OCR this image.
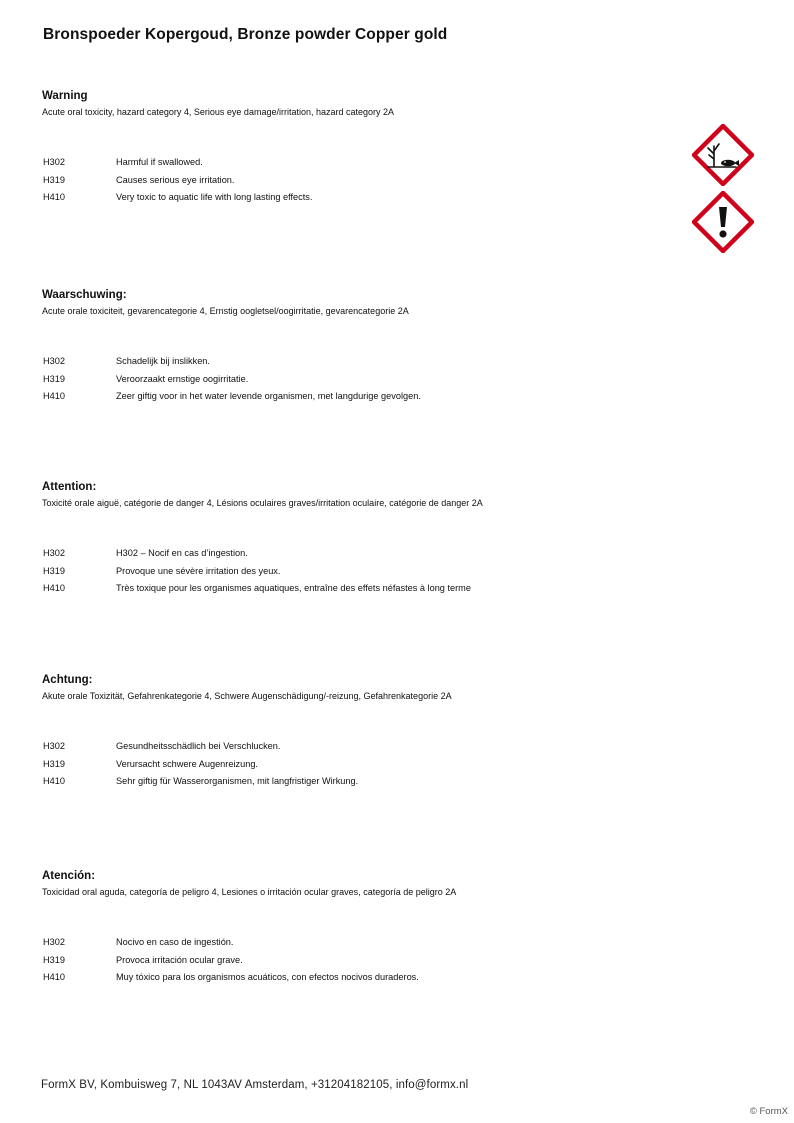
Bronspoeder Kopergoud, Bronze powder Copper gold

Warning

Acute oral toxicity, hazard category 4, Serious eye damage/irritation, hazard category 2A

H302	Harmful if swallowed.
H319	Causes serious eye irritation.
H410	Very toxic to aquatic life with long lasting effects.

Waarschuwing:

Acute orale toxiciteit, gevarencategorie 4, Ernstig oogletsel/oogirritatie, gevarencategorie 2A

H302	Schadelijk bij inslikken.
H319	Veroorzaakt ernstige oogirritatie.
H410	Zeer giftig voor in het water levende organismen, met langdurige gevolgen.

Attention:

Toxicité orale aiguë, catégorie de danger 4, Lésions oculaires graves/irritation oculaire, catégorie de danger 2A

H302	H302 – Nocif en cas d’ingestion.
H319	Provoque une sévère irritation des yeux.
H410	Très toxique pour les organismes aquatiques, entraîne des effets néfastes à long terme

Achtung:

Akute orale Toxizität, Gefahrenkategorie 4, Schwere Augenschädigung/-reizung, Gefahrenkategorie 2A

H302	Gesundheitsschädlich bei Verschlucken.
H319	Verursacht schwere Augenreizung.
H410	Sehr giftig für Wasserorganismen, mit langfristiger Wirkung.

Atención:

Toxicidad oral aguda, categoría de peligro 4, Lesiones o irritación ocular graves, categoría de peligro 2A

H302	Nocivo en caso de ingestión.
H319	Provoca irritación ocular grave.
H410	Muy tóxico para los organismos acuáticos, con efectos nocivos duraderos.

FormX BV, Kombuisweg 7, NL 1043AV Amsterdam, +31204182105, info@formx.nl

© FormX
